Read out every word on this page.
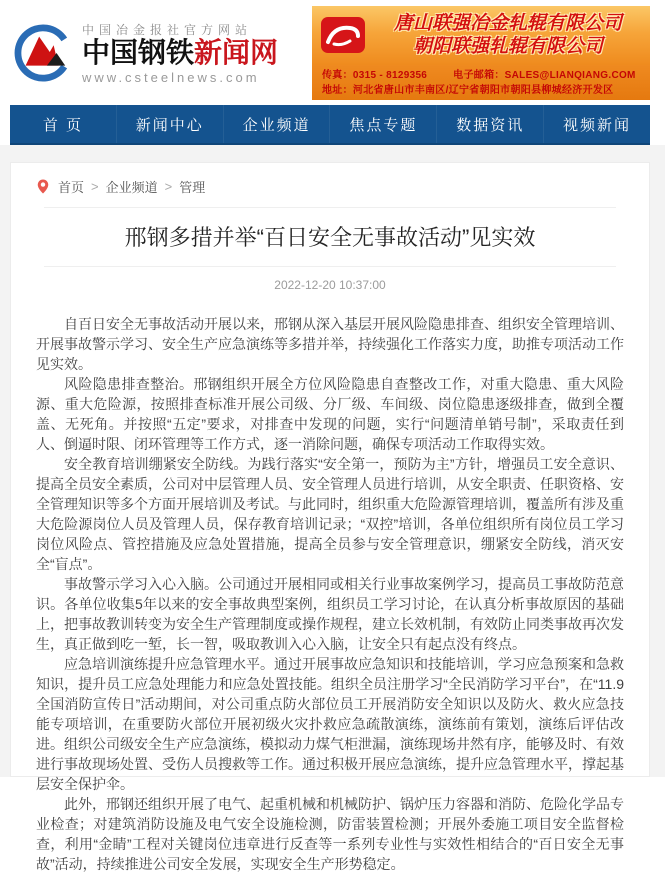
中国冶金报社官方网站
中国钢铁新闻网
www.csteelnews.com
唐山联强冶金轧辊有限公司
朝阳联强轧辊有限公司
传真：0315 - 8129356	电子邮箱：SALES@LIANQIANG.COM
地址：河北省唐山市丰南区/辽宁省朝阳市朝阳县柳城经济开发区
首 页	新闻中心	企业频道	焦点专题	数据资讯	视频新闻
首页 > 企业频道 > 管理
邢钢多措并举“百日安全无事故活动”见实效
2022-12-20 10:37:00

自百日安全无事故活动开展以来，邢钢从深入基层开展风险隐患排查、组织安全管理培训、开展事故警示学习、安全生产应急演练等多措并举，持续强化工作落实力度，助推专项活动工作见实效。

风险隐患排查整治。邢钢组织开展全方位风险隐患自查整改工作，对重大隐患、重大风险源、重大危险源，按照排查标准开展公司级、分厂级、车间级、岗位隐患逐级排查，做到全覆盖、无死角。并按照“五定”要求，对排查中发现的问题，实行“问题清单销号制”，采取责任到人、倒逼时限、闭环管理等工作方式，逐一消除问题，确保专项活动工作取得实效。

安全教育培训绷紧安全防线。为践行落实“安全第一，预防为主”方针，增强员工安全意识、提高全员安全素质，公司对中层管理人员、安全管理人员进行培训，从安全职责、任职资格、安全管理知识等多个方面开展培训及考试。与此同时，组织重大危险源管理培训，覆盖所有涉及重大危险源岗位人员及管理人员，保存教育培训记录；“双控”培训，各单位组织所有岗位员工学习岗位风险点、管控措施及应急处置措施，提高全员参与安全管理意识，绷紧安全防线，消灭安全“盲点”。

事故警示学习入心入脑。公司通过开展相同或相关行业事故案例学习，提高员工事故防范意识。各单位收集5年以来的安全事故典型案例，组织员工学习讨论，在认真分析事故原因的基础上，把事故教训转变为安全生产管理制度或操作规程，建立长效机制，有效防止同类事故再次发生，真正做到吃一堑，长一智，吸取教训入心入脑，让安全只有起点没有终点。

应急培训演练提升应急管理水平。通过开展事故应急知识和技能培训，学习应急预案和急救知识，提升员工应急处理能力和应急处置技能。组织全员注册学习“全民消防学习平台”，在“11.9全国消防宣传日”活动期间，对公司重点防火部位员工开展消防安全知识以及防火、救火应急技能专项培训，在重要防火部位开展初级火灾扑救应急疏散演练，演练前有策划，演练后评估改进。组织公司级安全生产应急演练，模拟动力煤气柜泄漏，演练现场井然有序，能够及时、有效进行事故现场处置、受伤人员搜救等工作。通过积极开展应急演练，提升应急管理水平，撑起基层安全保护伞。

此外，邢钢还组织开展了电气、起重机械和机械防护、锅炉压力容器和消防、危险化学品专业检查；对建筑消防设施及电气安全设施检测，防雷装置检测；开展外委施工项目安全监督检查，利用“金睛”工程对关键岗位违章进行反查等一系列专业性与实效性相结合的“百日安全无事故”活动，持续推进公司安全发展，实现安全生产形势稳定。
